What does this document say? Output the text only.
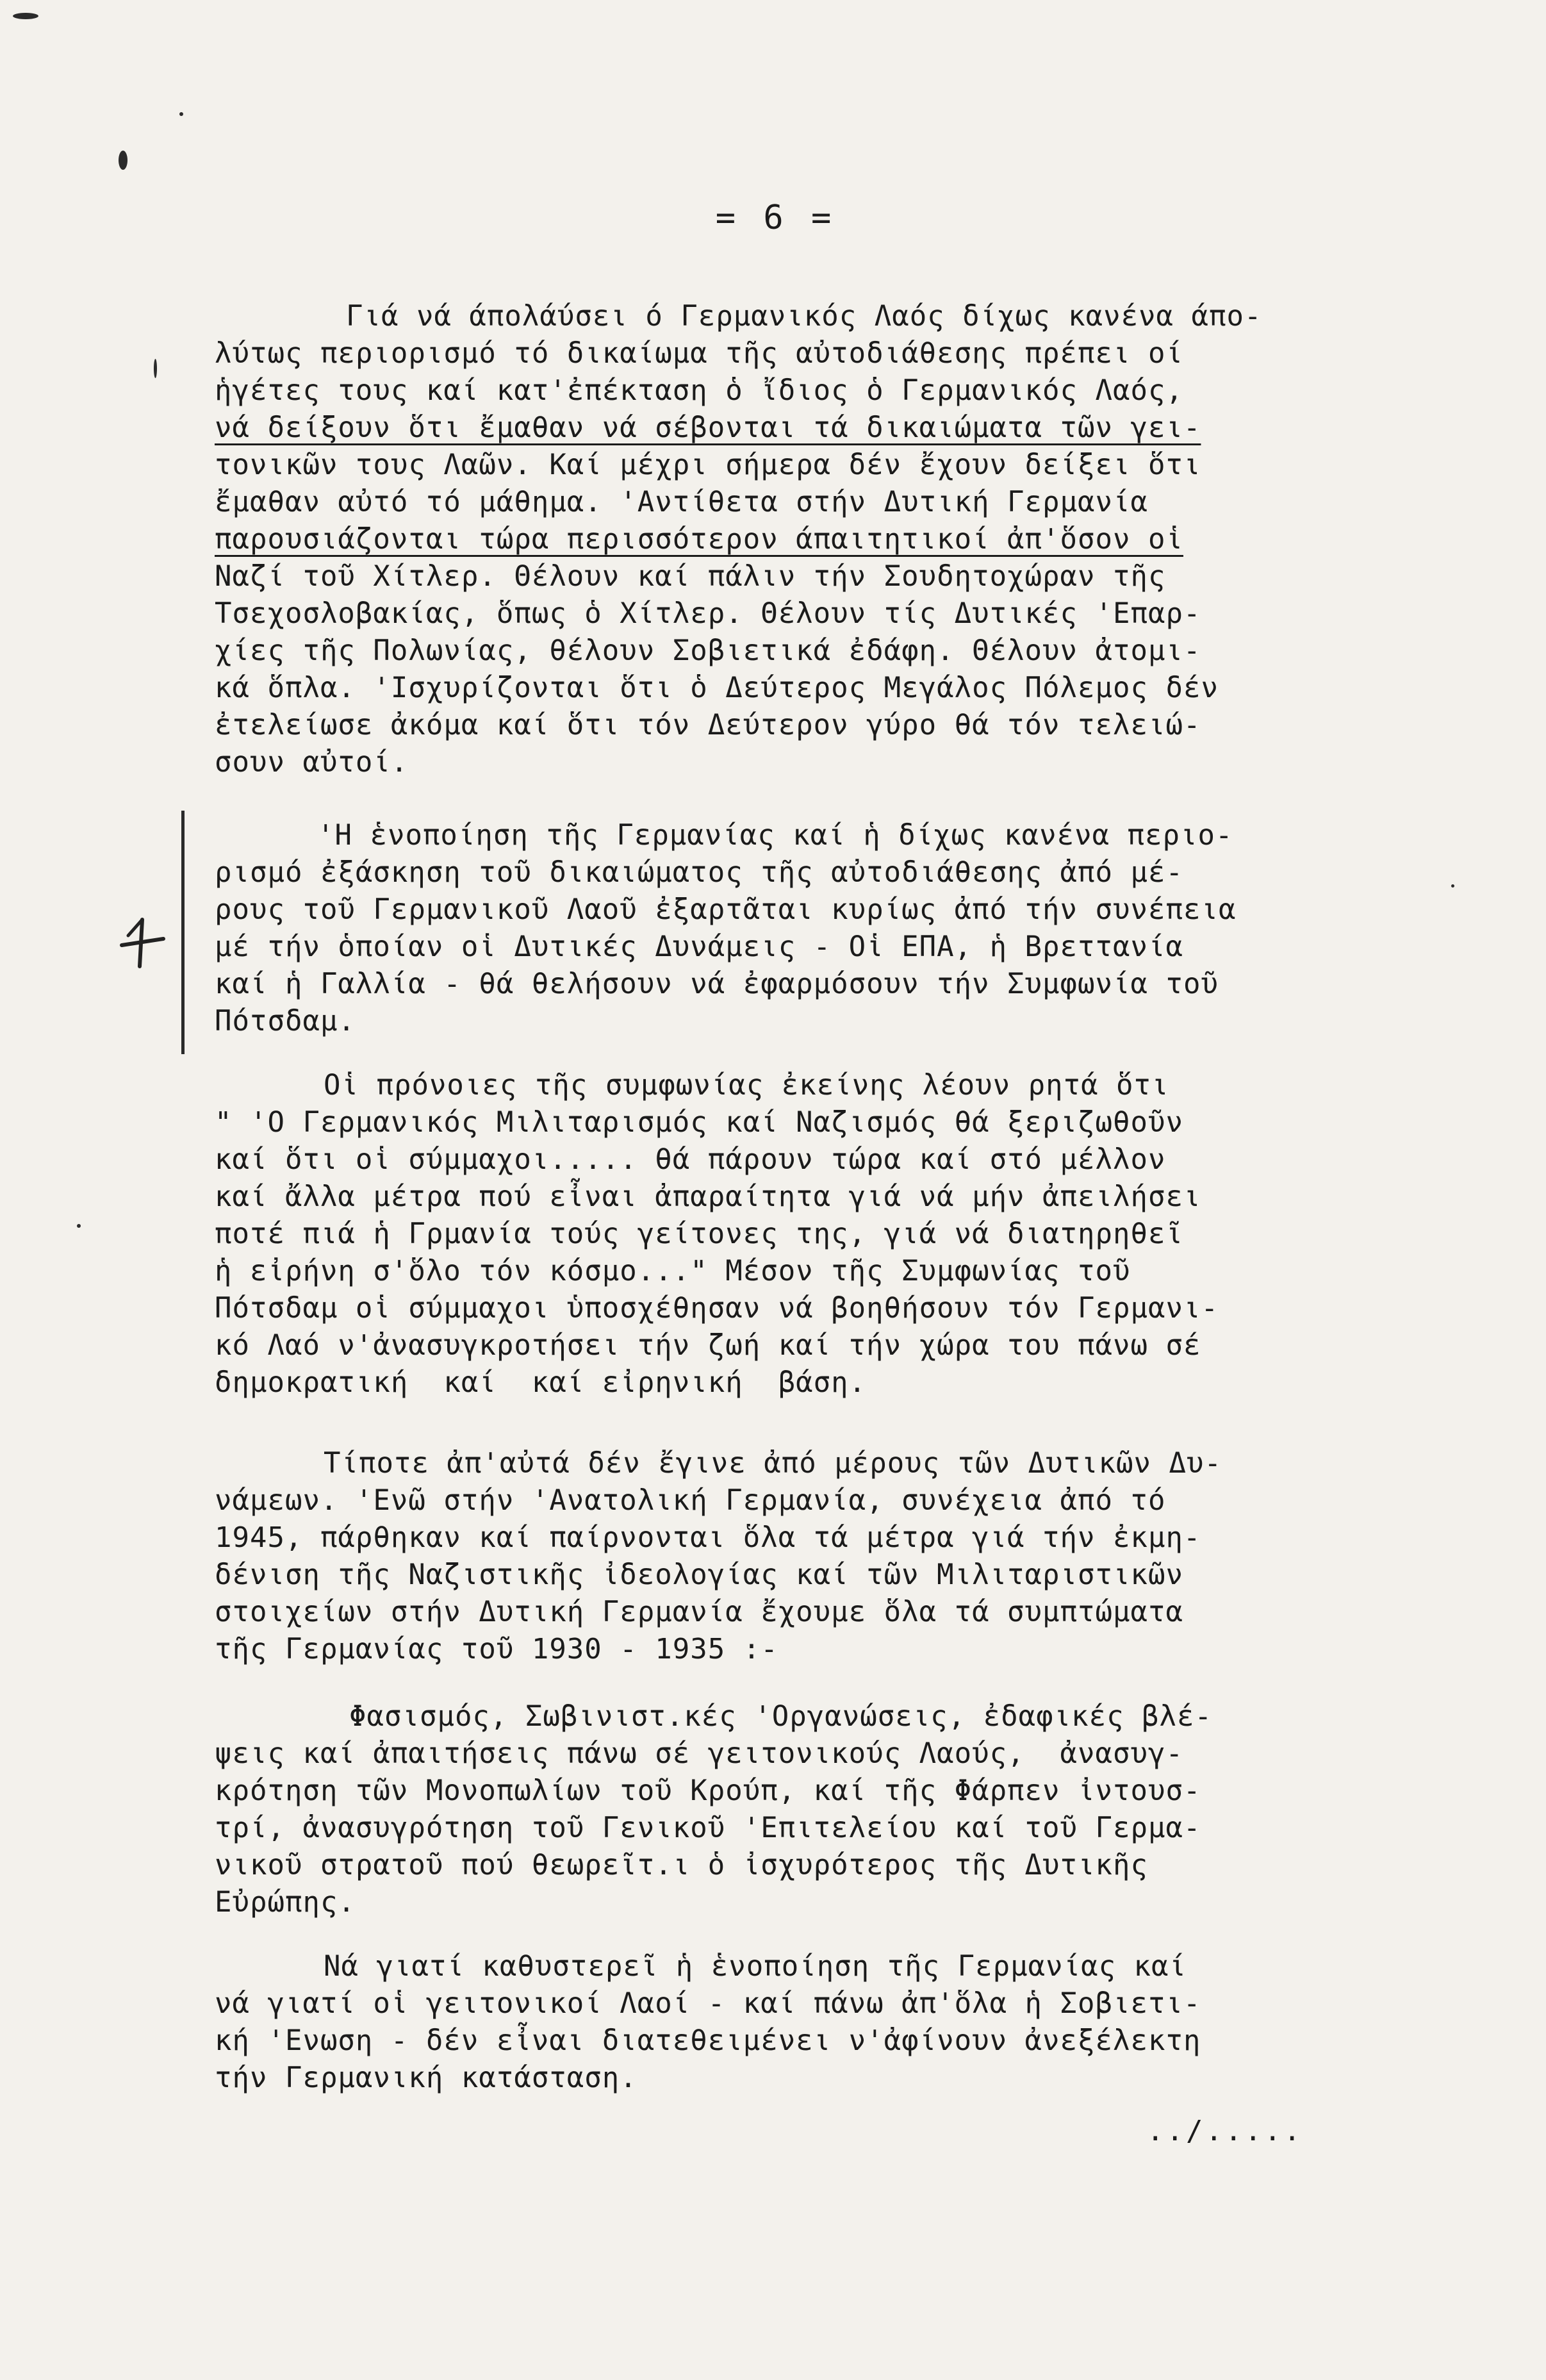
= 6 =
Γιά νά άπολάύσει ό Γερμανικός Λαός δίχως κανένα άπο-
λύτως περιορισμό τό δικαίωμα τῆς αὐτοδιάθεσης πρέπει οί
ἡγέτες τους καί κατ'ἐπέκταση ὁ ἴδιος ὁ Γερμανικός Λαός,
νά δείξουν ὅτι ἔμαθαν νά σέβονται τά δικαιώματα τῶν γει-
τονικῶν τους Λαῶν. Καί μέχρι σήμερα δέν ἔχουν δείξει ὅτι
ἔμαθαν αὐτό τό μάθημα. 'Αντίθετα στήν Δυτική Γερμανία
παρουσιάζονται τώρα περισσότερον άπαιτητικοί ἀπ'ὅσον οἱ
Ναζί τοῦ Χίτλερ. Θέλουν καί πάλιν τήν Σουδητοχώραν τῆς
Τσεχοσλοβακίας, ὅπως ὁ Χίτλερ. Θέλουν τίς Δυτικές 'Επαρ-
χίες τῆς Πολωνίας, θέλουν Σοβιετικά ἐδάφη. Θέλουν ἀτομι-
κά ὅπλα. 'Ισχυρίζονται ὅτι ὁ Δεύτερος Μεγάλος Πόλεμος δέν
ἐτελείωσε ἀκόμα καί ὅτι τόν Δεύτερον γύρο θά τόν τελειώ-
σουν αὐτοί.
'Η ἑνοποίηση τῆς Γερμανίας καί ἡ δίχως κανένα περιο-
ρισμό ἐξάσκηση τοῦ δικαιώματος τῆς αὐτοδιάθεσης ἀπό μέ-
ρους τοῦ Γερμανικοῦ Λαοῦ ἐξαρτᾶται κυρίως ἀπό τήν συνέπεια
μέ τήν ὁποίαν οἱ Δυτικές Δυνάμεις - Οἱ ΕΠΑ, ἡ Βρεττανία
καί ἡ Γαλλία - θά θελήσουν νά ἐφαρμόσουν τήν Συμφωνία τοῦ
Πότσδαμ.
Οἱ πρόνοιες τῆς συμφωνίας ἐκείνης λέουν ρητά ὅτι
" 'Ο Γερμανικός Μιλιταρισμός καί Ναζισμός θά ξεριζωθοῦν
καί ὅτι οἱ σύμμαχοι..... θά πάρουν τώρα καί στό μέλλον
καί ἄλλα μέτρα πού εἶναι ἀπαραίτητα γιά νά μήν ἀπειλήσει
ποτέ πιά ἡ Γρμανία τούς γείτονες της, γιά νά διατηρηθεῖ
ἡ εἰρήνη σ'ὅλο τόν κόσμο..." Μέσον τῆς Συμφωνίας τοῦ
Πότσδαμ οἱ σύμμαχοι ὑποσχέθησαν νά βοηθήσουν τόν Γερμανι-
κό Λαό ν'ἀνασυγκροτήσει τήν ζωή καί τήν χώρα του πάνω σέ
δημοκρατική  καί  καί εἰρηνική  βάση.
Τίποτε ἀπ'αὐτά δέν ἔγινε ἀπό μέρους τῶν Δυτικῶν Δυ-
νάμεων. 'Ενῶ στήν 'Ανατολική Γερμανία, συνέχεια ἀπό τό
1945, πάρθηκαν καί παίρνονται ὅλα τά μέτρα γιά τήν ἐκμη-
δένιση τῆς Ναζιστικῆς ἰδεολογίας καί τῶν Μιλιταριστικῶν
στοιχείων στήν Δυτική Γερμανία ἔχουμε ὅλα τά συμπτώματα
τῆς Γερμανίας τοῦ 1930 - 1935 :-
Φασισμός, Σωβινιστ.κές 'Οργανώσεις, ἐδαφικές βλέ-
ψεις καί ἀπαιτήσεις πάνω σέ γειτονικούς Λαούς,  ἀνασυγ-
κρότηση τῶν Μονοπωλίων τοῦ Κρούπ, καί τῆς Φάρπεν ἰντουσ-
τρί, ἀνασυγρότηση τοῦ Γενικοῦ 'Επιτελείου καί τοῦ Γερμα-
νικοῦ στρατοῦ πού θεωρεῖτ.ι ὁ ἰσχυρότερος τῆς Δυτικῆς
Εὐρώπης.
Νά γιατί καθυστερεῖ ἡ ἑνοποίηση τῆς Γερμανίας καί
νά γιατί οἱ γειτονικοί Λαοί - καί πάνω ἀπ'ὅλα ἡ Σοβιετι-
κή 'Ενωση - δέν εἶναι διατεθειμένει ν'ἀφίνουν ἀνεξέλεκτη
τήν Γερμανική κατάσταση.
../.....
